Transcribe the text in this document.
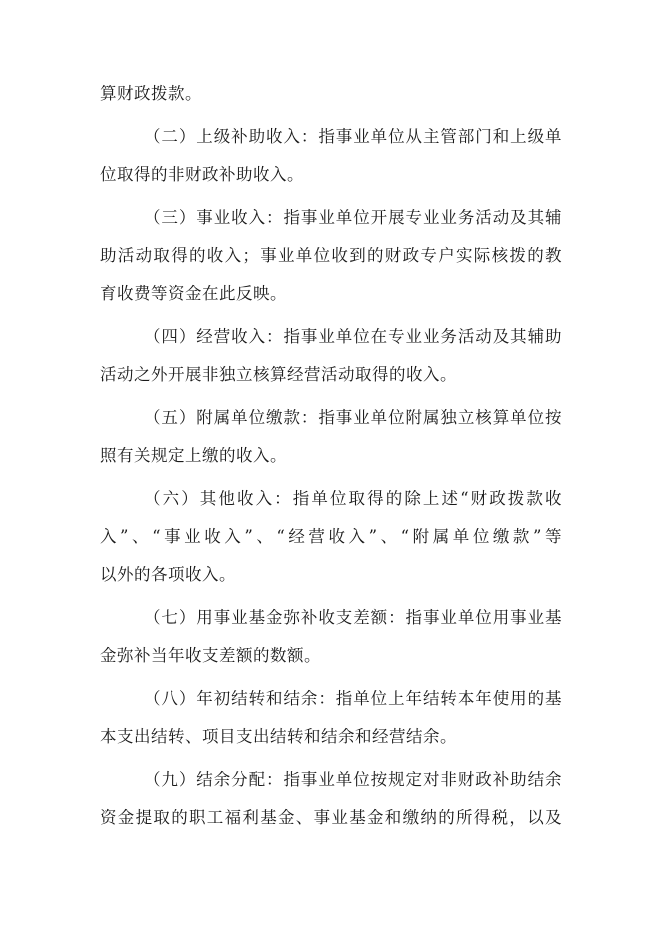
算财政拨款。
（二）上级补助收入：指事业单位从主管部门和上级单
位取得的非财政补助收入。
（三）事业收入：指事业单位开展专业业务活动及其辅
助活动取得的收入；事业单位收到的财政专户实际核拨的教
育收费等资金在此反映。
（四）经营收入：指事业单位在专业业务活动及其辅助
活动之外开展非独立核算经营活动取得的收入。
（五）附属单位缴款：指事业单位附属独立核算单位按
照有关规定上缴的收入。
（六）其他收入：指单位取得的除上述“财政拨款收
入”、“事业收入”、“经营收入”、“附属单位缴款”等
以外的各项收入。
（七）用事业基金弥补收支差额：指事业单位用事业基
金弥补当年收支差额的数额。
（八）年初结转和结余：指单位上年结转本年使用的基
本支出结转、项目支出结转和结余和经营结余。
（九）结余分配：指事业单位按规定对非财政补助结余
资金提取的职工福利基金、事业基金和缴纳的所得税，以及
